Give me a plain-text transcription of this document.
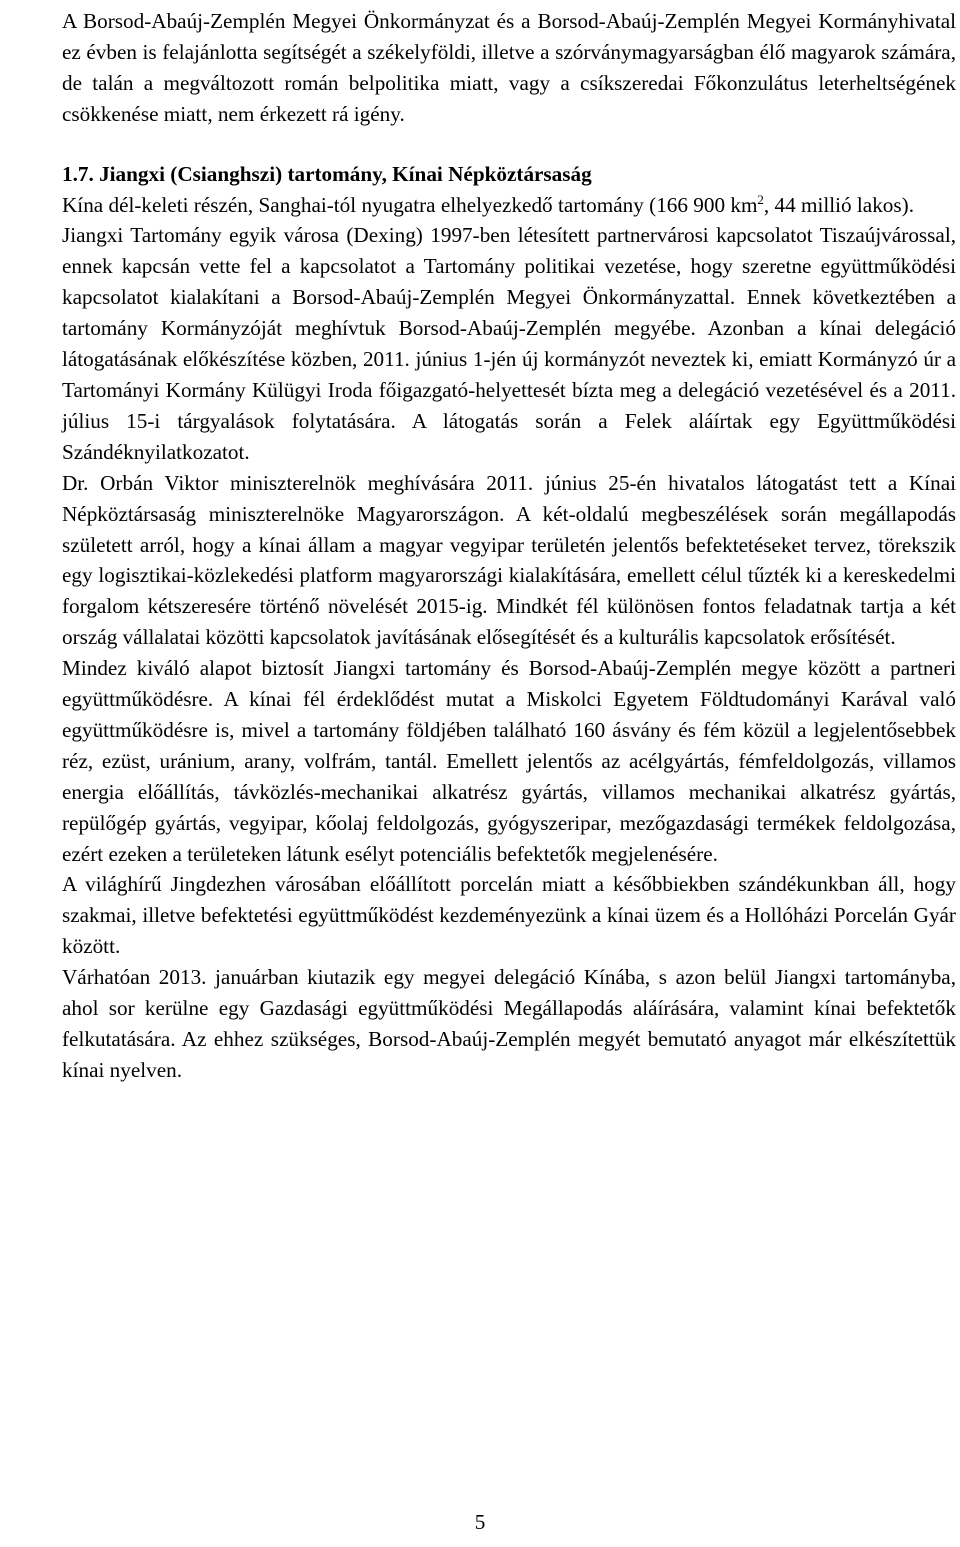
A Borsod-Abaúj-Zemplén Megyei Önkormányzat és a Borsod-Abaúj-Zemplén Megyei Kormányhivatal ez évben is felajánlotta segítségét a székelyföldi, illetve a szórványmagyarságban élő magyarok számára, de talán a megváltozott román belpolitika miatt, vagy a csíkszeredai Főkonzulátus leterheltségének csökkenése miatt, nem érkezett rá igény.

1.7. Jiangxi (Csianghszi) tartomány, Kínai Népköztársaság

Kína dél-keleti részén, Sanghai-tól nyugatra elhelyezkedő tartomány (166 900 $km^2$, 44 millió lakos).

Jiangxi Tartomány egyik városa (Dexing) 1997-ben létesített partnervárosi kapcsolatot Tiszaújvárossal, ennek kapcsán vette fel a kapcsolatot a Tartomány politikai vezetése, hogy szeretne együttműködési kapcsolatot kialakítani a Borsod-Abaúj-Zemplén Megyei Önkormányzattal. Ennek következtében a tartomány Kormányzóját meghívtuk Borsod-Abaúj-Zemplén megyébe. Azonban a kínai delegáció látogatásának előkészítése közben, 2011. június 1-jén új kormányzót neveztek ki, emiatt Kormányzó úr a Tartományi Kormány Külügyi Iroda főigazgató-helyettesét bízta meg a delegáció vezetésével és a 2011. július 15-i tárgyalások folytatására. A látogatás során a Felek aláírtak egy Együttműködési Szándéknyilatkozatot.

Dr. Orbán Viktor miniszterelnök meghívására 2011. június 25-én hivatalos látogatást tett a Kínai Népköztársaság miniszterelnöke Magyarországon. A két-oldalú megbeszélések során megállapodás született arról, hogy a kínai állam a magyar vegyipar területén jelentős befektetéseket tervez, törekszik egy logisztikai-közlekedési platform magyarországi kialakítására, emellett célul tűzték ki a kereskedelmi forgalom kétszeresére történő növelését 2015-ig. Mindkét fél különösen fontos feladatnak tartja a két ország vállalatai közötti kapcsolatok javításának elősegítését és a kulturális kapcsolatok erősítését.

Mindez kiváló alapot biztosít Jiangxi tartomány és Borsod-Abaúj-Zemplén megye között a partneri együttműködésre. A kínai fél érdeklődést mutat a Miskolci Egyetem Földtudományi Karával való együttműködésre is, mivel a tartomány földjében található 160 ásvány és fém közül a legjelentősebbek réz, ezüst, uránium, arany, volfrám, tantál. Emellett jelentős az acélgyártás, fémfeldolgozás, villamos energia előállítás, távközlés-mechanikai alkatrész gyártás, villamos mechanikai alkatrész gyártás, repülőgép gyártás, vegyipar, kőolaj feldolgozás, gyógyszeripar, mezőgazdasági termékek feldolgozása, ezért ezeken a területeken látunk esélyt potenciális befektetők megjelenésére.

A világhírű Jingdezhen városában előállított porcelán miatt a későbbiekben szándékunkban áll, hogy szakmai, illetve befektetési együttműködést kezdeményezünk a kínai üzem és a Hollóházi Porcelán Gyár között.

Várhatóan 2013. januárban kiutazik egy megyei delegáció Kínába, s azon belül Jiangxi tartományba, ahol sor kerülne egy Gazdasági együttműködési Megállapodás aláírására, valamint kínai befektetők felkutatására. Az ehhez szükséges, Borsod-Abaúj-Zemplén megyét bemutató anyagot már elkészítettük kínai nyelven.

5
